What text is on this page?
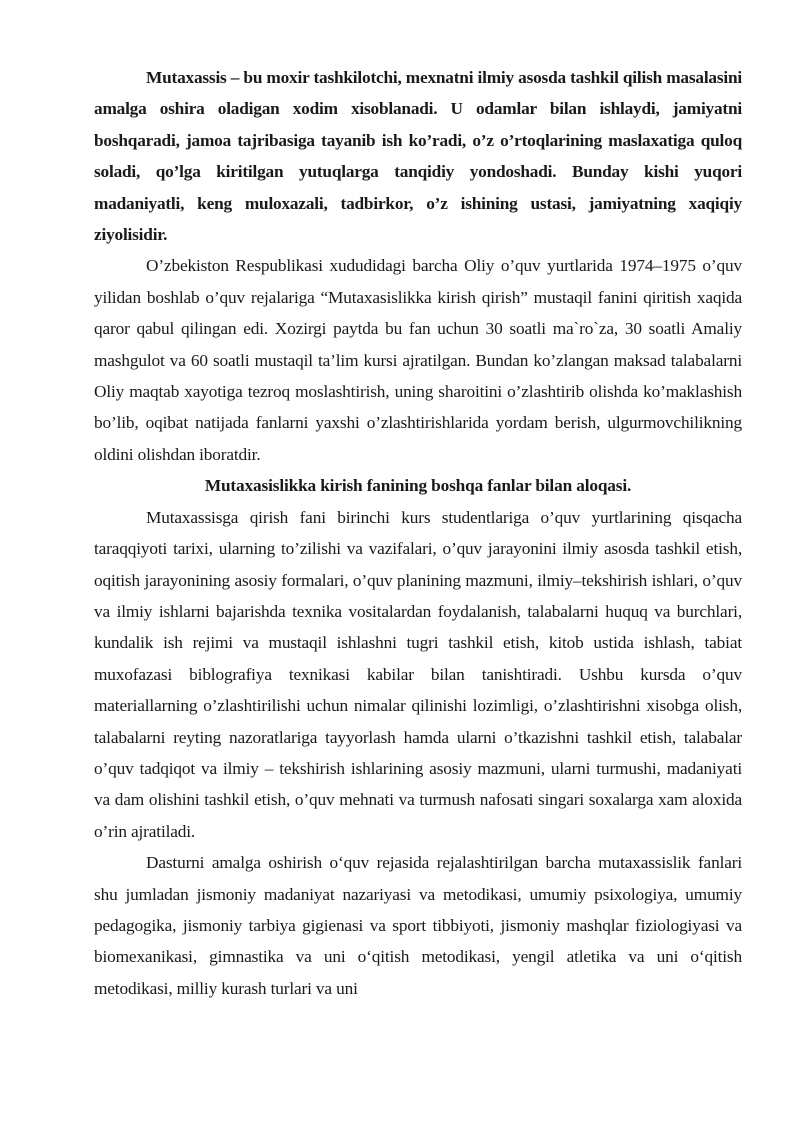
Mutaxassis – bu moxir tashkilotchi, mexnatni ilmiy asosda tashkil qilish masalasini amalga oshira oladigan xodim xisoblanadi. U odamlar bilan ishlaydi, jamiyatni boshqaradi, jamoa tajribasiga tayanib ish ko’radi, o’z o’rtoqlarining maslaxatiga quloq soladi, qo’lga kiritilgan yutuqlarga tanqidiy yondoshadi. Bunday kishi yuqori madaniyatli, keng muloxazali, tadbirkor, o’z ishining ustasi, jamiyatning xaqiqiy ziyolisidir.

O’zbekiston Respublikasi xududidagi barcha Oliy o’quv yurtlarida 1974–1975 o’quv yilidan boshlab o’quv rejalariga “Mutaxasislikka kirish qirish” mustaqil fanini qiritish xaqida qaror qabul qilingan edi. Xozirgi paytda bu fan uchun 30 soatli ma`ro`za, 30 soatli Amaliy mashgulot va 60 soatli mustaqil ta’lim kursi ajratilgan. Bundan ko’zlangan maksad talabalarni Oliy maqtab xayotiga tezroq moslashtirish, uning sharoitini o’zlashtirib olishda ko’maklashish bo’lib, oqibat natijada fanlarni yaxshi o’zlashtirishlarida yordam berish, ulgurmovchilikning oldini olishdan iboratdir.

Mutaxasislikka kirish fanining boshqa fanlar bilan aloqasi.

Mutaxassisga qirish fani birinchi kurs studentlariga o’quv yurtlarining qisqacha taraqqiyoti tarixi, ularning to’zilishi va vazifalari, o’quv jarayonini ilmiy asosda tashkil etish, oqitish jarayonining asosiy formalari, o’quv planining mazmuni, ilmiy–tekshirish ishlari, o’quv va ilmiy ishlarni bajarishda texnika vositalardan foydalanish, talabalarni huquq va burchlari, kundalik ish rejimi va mustaqil ishlashni tugri tashkil etish, kitob ustida ishlash, tabiat muxofazasi biblografiya texnikasi kabilar bilan tanishtiradi. Ushbu kursda o’quv materiallarning o’zlashtirilishi uchun nimalar qilinishi lozimligi, o’zlashtirishni xisobga olish, talabalarni reyting nazoratlariga tayyorlash hamda ularni o’tkazishni tashkil etish, talabalar o’quv tadqiqot va ilmiy – tekshirish ishlarining asosiy mazmuni, ularni turmushi, madaniyati va dam olishini tashkil etish, o’quv mehnati va turmush nafosati singari soxalarga xam aloxida o’rin ajratiladi.

Dasturni amalga oshirish o‘quv rejasida rejalashtirilgan barcha mutaxassislik fanlari shu jumladan jismoniy madaniyat nazariyasi va metodikasi, umumiy psixologiya, umumiy pedagogika, jismoniy tarbiya gigienasi va sport tibbiyoti, jismoniy mashqlar fiziologiyasi va biomexanikasi, gimnastika va uni o‘qitish metodikasi, yengil atletika va uni o‘qitish metodikasi, milliy kurash turlari va uni
